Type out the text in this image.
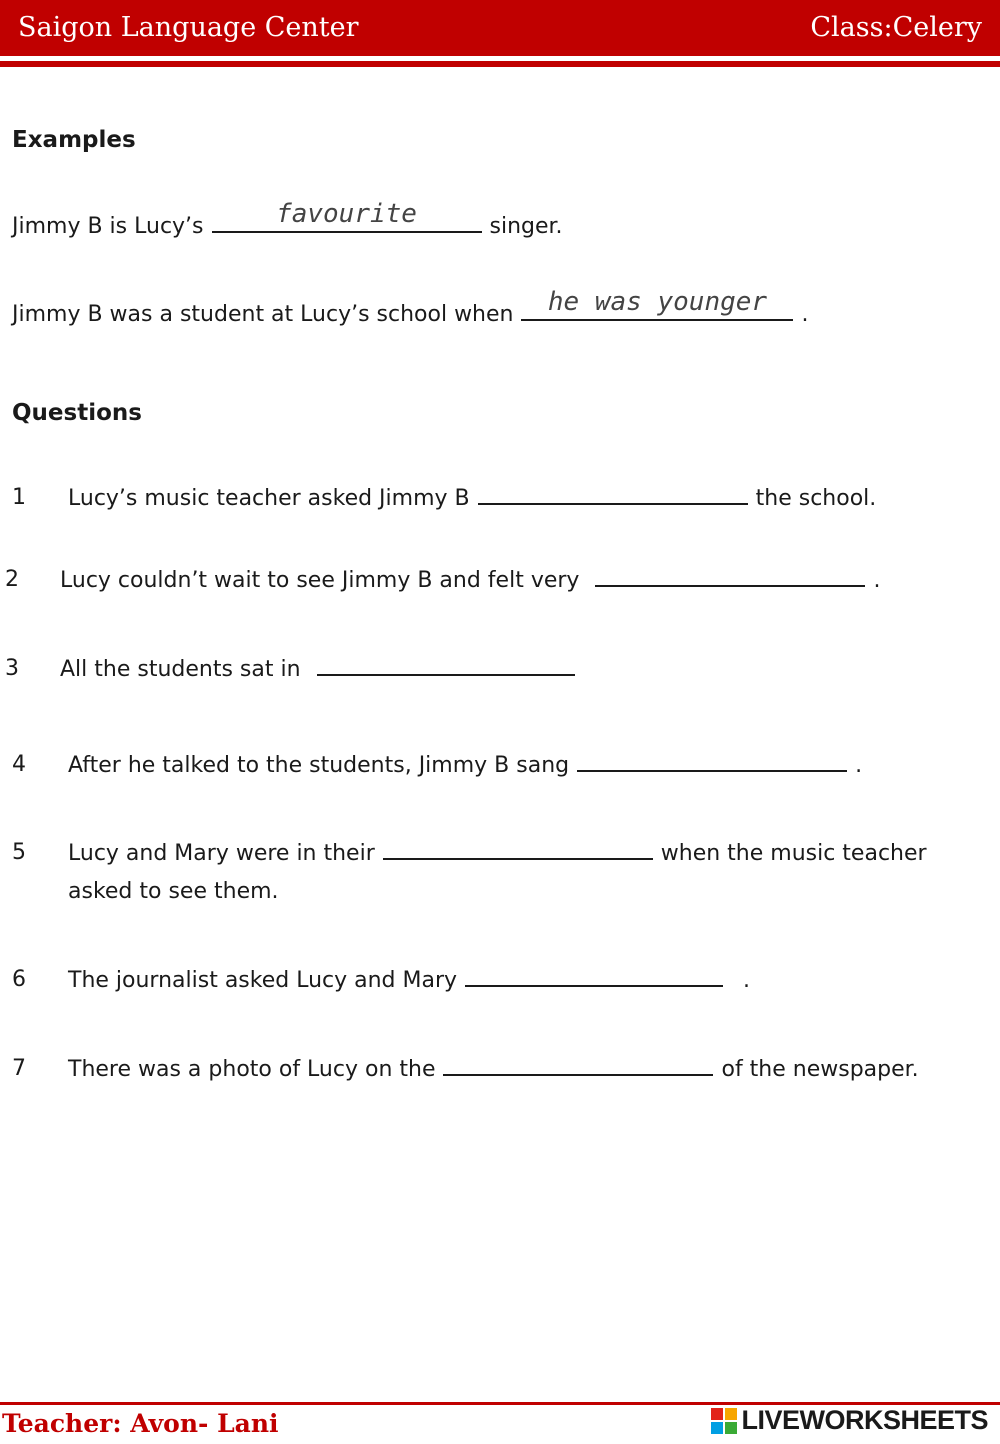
Saigon Language Center	Class:Celery
Examples
Jimmy B is Lucy’s	favourite	singer.
Jimmy B was a student at Lucy’s school when	he was younger	.
Questions
1 Lucy’s music teacher asked Jimmy B	the school.
2 Lucy couldn’t wait to see Jimmy B and felt very	.
3 All the students sat in
4 After he talked to the students, Jimmy B sang	.
5 Lucy and Mary were in their	when the music teacher
asked to see them.
6 The journalist asked Lucy and Mary	.
7 There was a photo of Lucy on the	of the newspaper.
Teacher: Avon- Lani	LIVEWORKSHEETS
